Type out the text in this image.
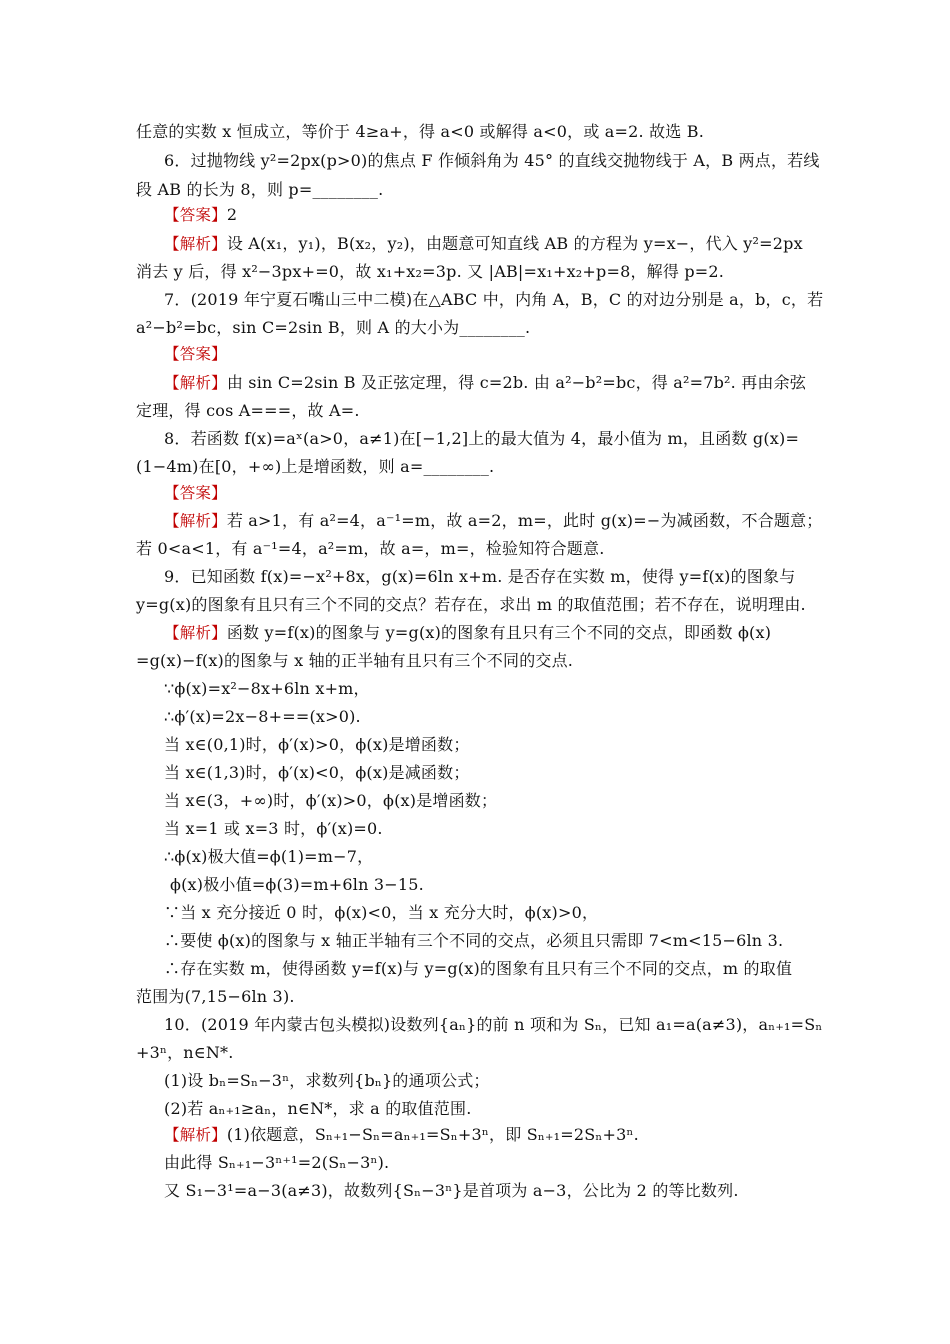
任意的实数 x 恒成立，等价于 4≥a+，得 a<0 或解得 a<0，或 a=2. 故选 B.
6．过抛物线 y²=2px(p>0)的焦点 F 作倾斜角为 45° 的直线交抛物线于 A，B 两点，若线
段 AB 的长为 8，则 p=________.
【答案】2
【解析】设 A(x₁，y₁)，B(x₂，y₂)，由题意可知直线 AB 的方程为 y=x−，代入 y²=2px
消去 y 后，得 x²−3px+=0，故 x₁+x₂=3p. 又 |AB|=x₁+x₂+p=8，解得 p=2.
7．(2019 年宁夏石嘴山三中二模)在△ABC 中，内角 A，B，C 的对边分别是 a，b，c，若
a²−b²=bc，sin C=2sin B，则 A 的大小为________.
【答案】
【解析】由 sin C=2sin B 及正弦定理，得 c=2b. 由 a²−b²=bc，得 a²=7b². 再由余弦
定理，得 cos A===，故 A=.
8．若函数 f(x)=aˣ(a>0，a≠1)在[−1,2]上的最大值为 4，最小值为 m，且函数 g(x)=
(1−4m)在[0，+∞)上是增函数，则 a=________.
【答案】
【解析】若 a>1，有 a²=4，a⁻¹=m，故 a=2，m=，此时 g(x)=−为减函数，不合题意；
若 0<a<1，有 a⁻¹=4，a²=m，故 a=，m=，检验知符合题意.
9．已知函数 f(x)=−x²+8x，g(x)=6ln x+m. 是否存在实数 m，使得 y=f(x)的图象与
y=g(x)的图象有且只有三个不同的交点？若存在，求出 m 的取值范围；若不存在，说明理由.
【解析】函数 y=f(x)的图象与 y=g(x)的图象有且只有三个不同的交点，即函数 ϕ(x)
=g(x)−f(x)的图象与 x 轴的正半轴有且只有三个不同的交点.
∵ϕ(x)=x²−8x+6ln x+m，
∴ϕ′(x)=2x−8+==(x>0).
当 x∈(0,1)时，ϕ′(x)>0，ϕ(x)是增函数；
当 x∈(1,3)时，ϕ′(x)<0，ϕ(x)是减函数；
当 x∈(3，+∞)时，ϕ′(x)>0，ϕ(x)是增函数；
当 x=1 或 x=3 时，ϕ′(x)=0.
∴ϕ(x)极大值=ϕ(1)=m−7，
ϕ(x)极小值=ϕ(3)=m+6ln 3−15.
∵当 x 充分接近 0 时，ϕ(x)<0，当 x 充分大时，ϕ(x)>0，
∴要使 ϕ(x)的图象与 x 轴正半轴有三个不同的交点，必须且只需即 7<m<15−6ln 3.
∴存在实数 m，使得函数 y=f(x)与 y=g(x)的图象有且只有三个不同的交点，m 的取值
范围为(7,15−6ln 3).
10．(2019 年内蒙古包头模拟)设数列{aₙ}的前 n 项和为 Sₙ，已知 a₁=a(a≠3)，aₙ₊₁=Sₙ
+3ⁿ，n∈N*.
(1)设 bₙ=Sₙ−3ⁿ，求数列{bₙ}的通项公式；
(2)若 aₙ₊₁≥aₙ，n∈N*，求 a 的取值范围.
【解析】(1)依题意，Sₙ₊₁−Sₙ=aₙ₊₁=Sₙ+3ⁿ，即 Sₙ₊₁=2Sₙ+3ⁿ.
由此得 Sₙ₊₁−3ⁿ⁺¹=2(Sₙ−3ⁿ).
又 S₁−3¹=a−3(a≠3)，故数列{Sₙ−3ⁿ}是首项为 a−3，公比为 2 的等比数列.
